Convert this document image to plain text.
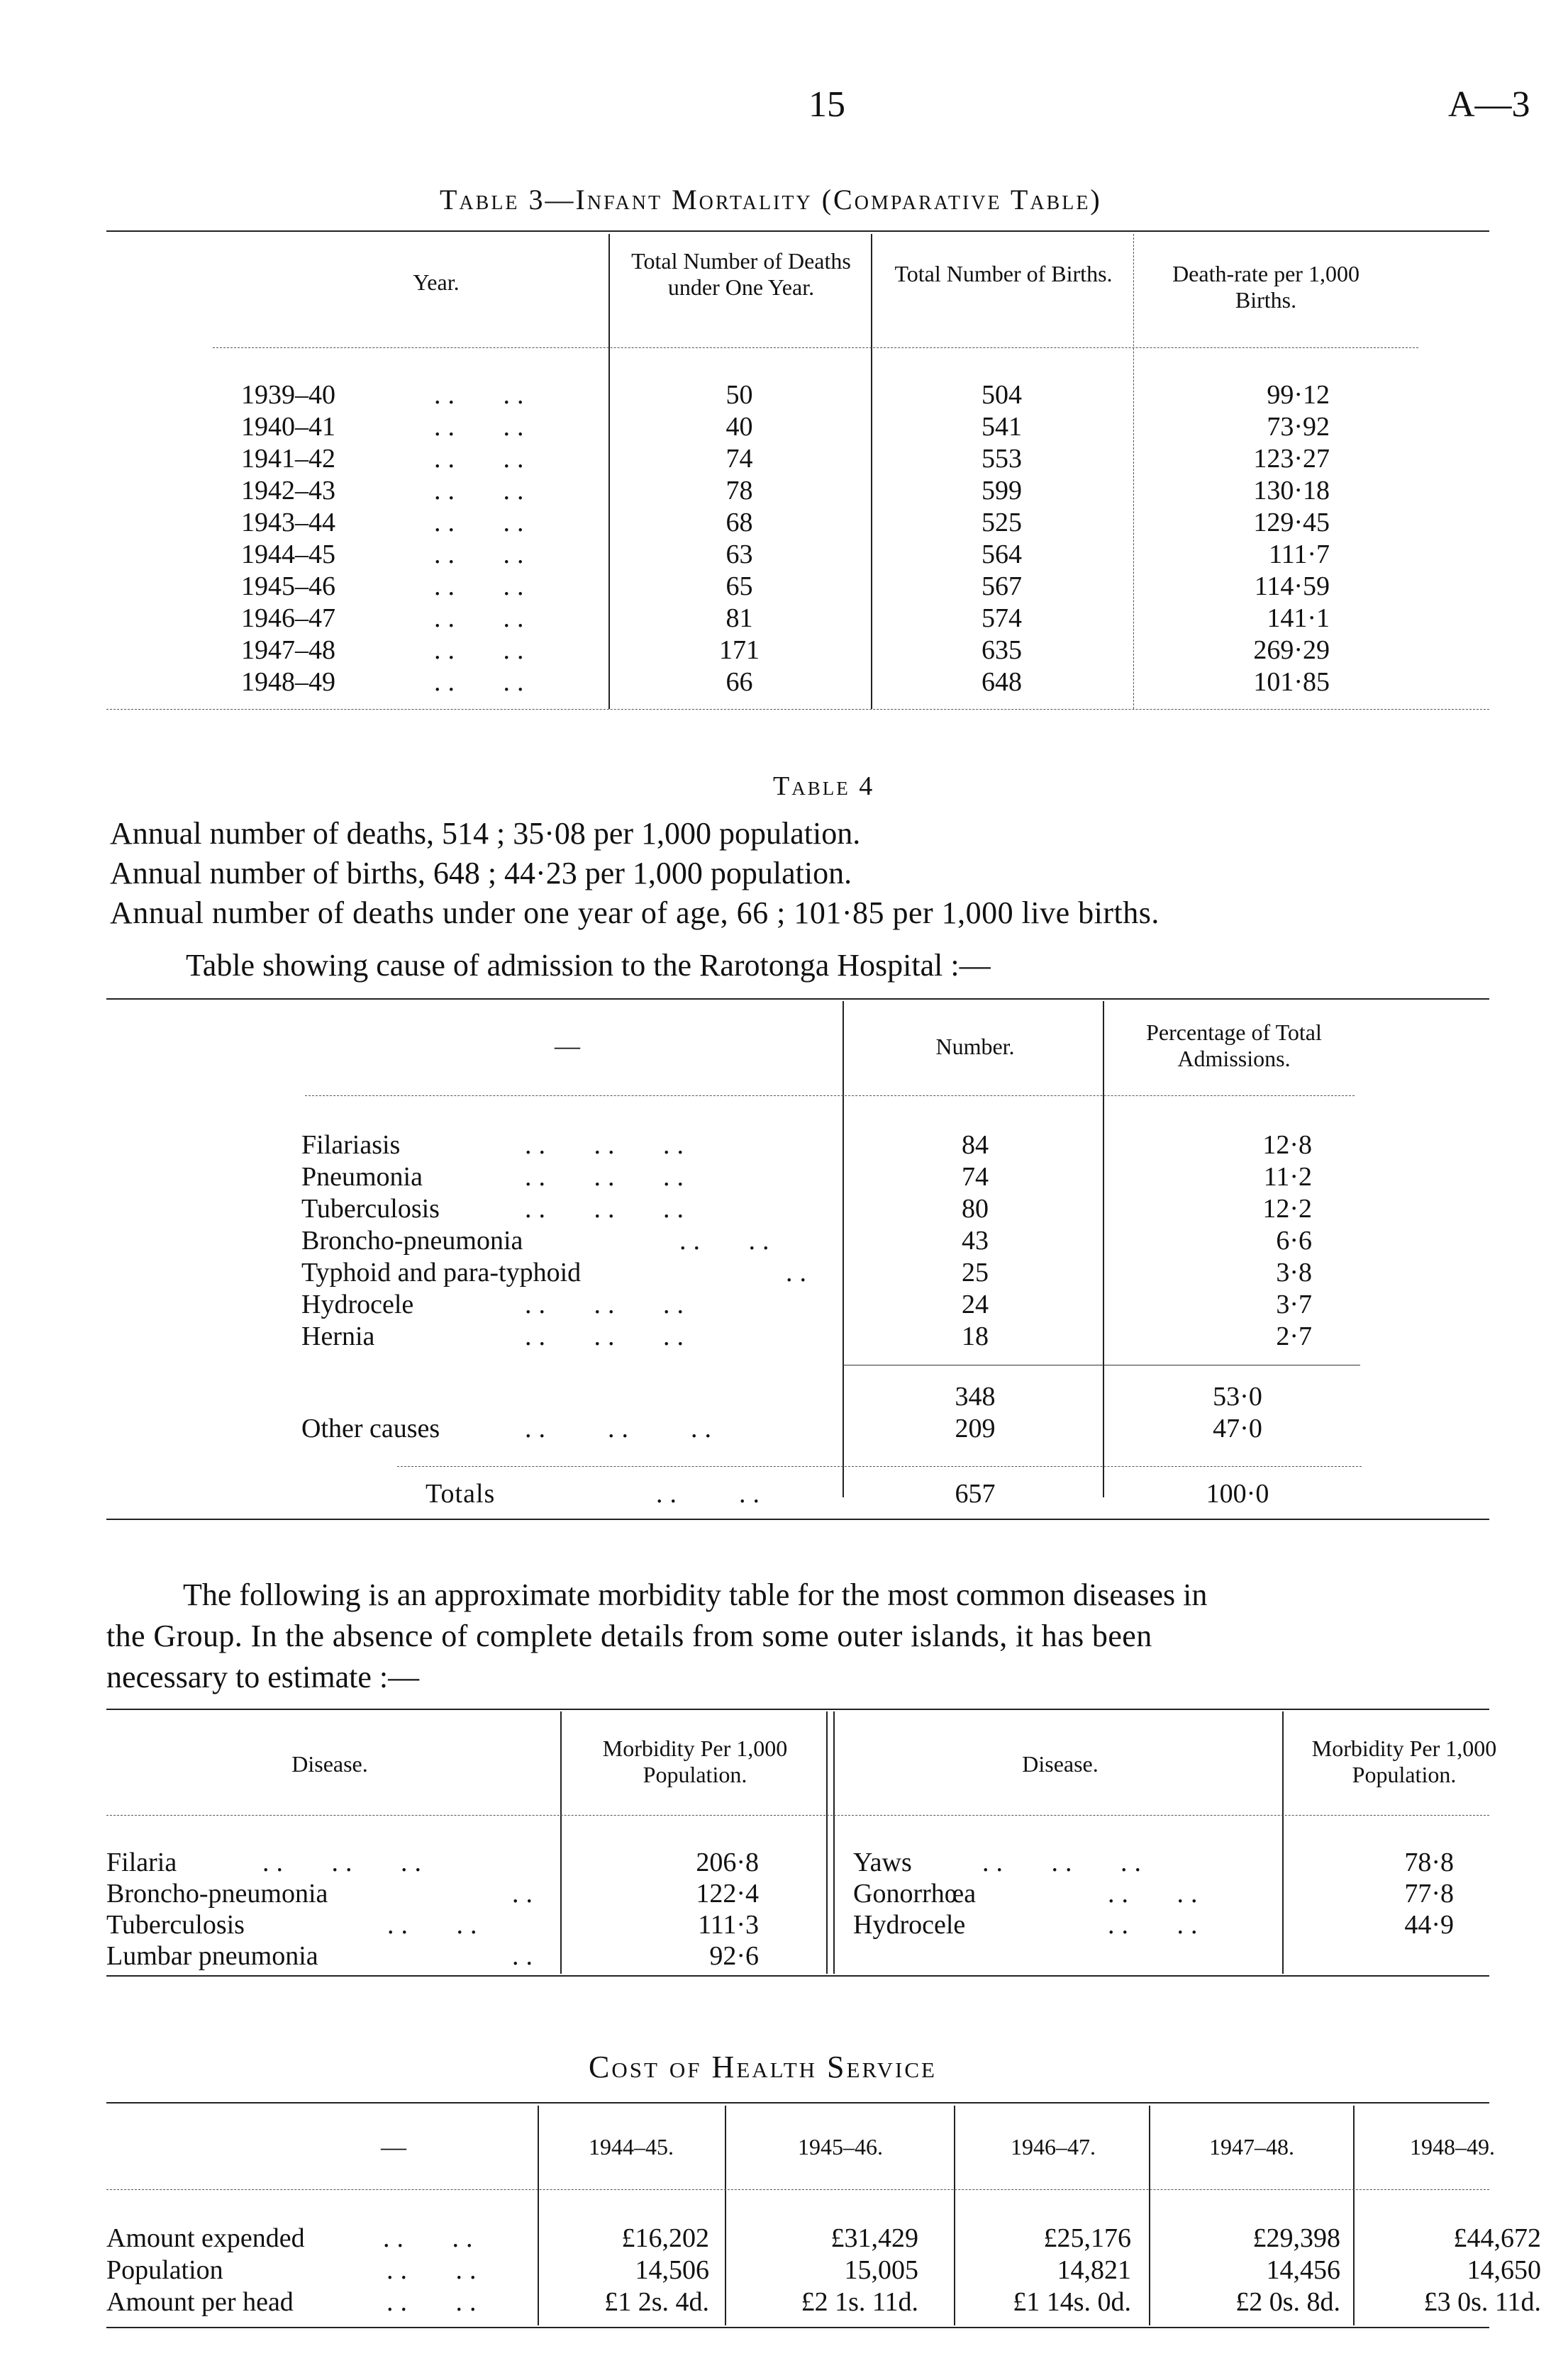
15	A—3
Table 3—Infant Mortality (Comparative Table)
Year.
Total Number of Deaths under One Year.
Total Number of Births.	Death-rate per 1,000 Births.
1939–40	..   ..	50	504	99·12
1940–41	..   ..	40	541	73·92
1941–42	..   ..	74	553	123·27
1942–43	..   ..	78	599	130·18
1943–44	..   ..	68	525	129·45
1944–45	..   ..	63	564	111·7
1945–46	..   ..	65	567	114·59
1946–47	..   ..	81	574	141·1
1947–48	..   ..	171	635	269·29
1948–49	..   ..	66	648	101·85
Table 4
Annual number of deaths, 514 ; 35·08 per 1,000 population.
Annual number of births, 648 ; 44·23 per 1,000 population.
Annual number of deaths under one year of age, 66 ; 101·85 per 1,000 live births.
Table showing cause of admission to the Rarotonga Hospital :—
—	Number.
Percentage of Total Admissions.
Filariasis	..   ..   ..	84	12·8
Pneumonia	..   ..   ..	74	11·2
Tuberculosis	..   ..   ..	80	12·2
Broncho-pneumonia	..   ..	43	6·6
Typhoid and para-typhoid	..	25	3·8
Hydrocele	..   ..   ..	24	3·7
Hernia	..   ..   ..	18	2·7
348	53·0
Other causes	..    ..    ..	209	47·0
Totals	..    ..	657	100·0
The following is an approximate morbidity table for the most common diseases in
the Group. In the absence of complete details from some outer islands, it has been
necessary to estimate :—
Disease.
Morbidity Per 1,000 Population.	Disease.
Morbidity Per 1,000 Population.
Filaria	..   ..   ..	206·8
Broncho-pneumonia	..	122·4
Tuberculosis	..   ..	111·3
Lumbar pneumonia	..	92·6
Yaws	..   ..   ..	78·8
Gonorrhœa	..   ..	77·8
Hydrocele	..   ..	44·9
Cost of Health Service
—	1944–45.	1945–46.	1946–47.	1947–48.	1948–49.
Amount expended	..   ..	£16,202	£31,429	£25,176	£29,398	£44,672
Population	..   ..	14,506	15,005	14,821	14,456	14,650
Amount per head	..   ..	£1 2s. 4d.	£2 1s. 11d.	£1 14s. 0d.	£2 0s. 8d.	£3 0s. 11d.
